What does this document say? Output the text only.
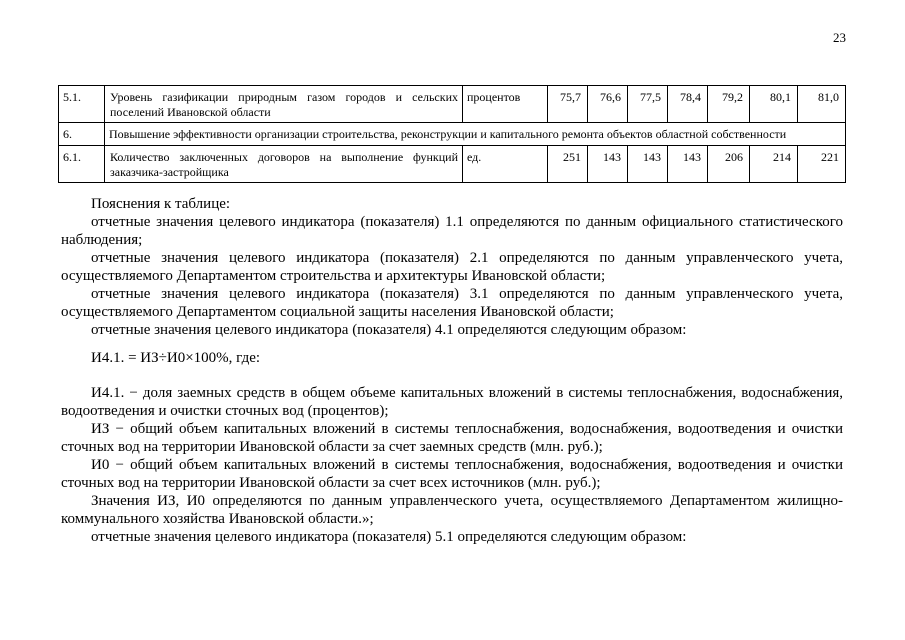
23
5.1.	Уровень газификации природным газом городов и сельских поселений Ивановской области	процентов	75,7	76,6	77,5	78,4	79,2	80,1	81,0
6.	Повышение эффективности организации строительства, реконструкции и капитального ремонта объектов областной собственности								
6.1.	Количество заключенных договоров на выполнение функций заказчика-застройщика	ед.	251	143	143	143	206	214	221

Пояснения к таблице:

отчетные значения целевого индикатора (показателя) 1.1 определяются по данным официального статистического наблюдения;

отчетные значения целевого индикатора (показателя) 2.1 определяются по данным управленческого учета, осуществляемого Департаментом строительства и архитектуры Ивановской области;

отчетные значения целевого индикатора (показателя) 3.1 определяются по данным управленческого учета, осуществляемого Департаментом социальной защиты населения Ивановской области;

отчетные значения целевого индикатора (показателя) 4.1 определяются следующим образом:

И4.1. = ИЗ÷И0×100%, где:

И4.1. − доля заемных средств в общем объеме капитальных вложений в системы теплоснабжения, водоснабжения, водоотведения и очистки сточных вод (процентов);

ИЗ − общий объем капитальных вложений в системы теплоснабжения, водоснабжения, водоотведения и очистки сточных вод на территории Ивановской области за счет заемных средств (млн. руб.);

И0 − общий объем капитальных вложений в системы теплоснабжения, водоснабжения, водоотведения и очистки сточных вод на территории Ивановской области за счет всех источников (млн. руб.);

Значения ИЗ, И0 определяются по данным управленческого учета, осуществляемого Департаментом жилищно-коммунального хозяйства Ивановской области.»;

отчетные значения целевого индикатора (показателя) 5.1 определяются следующим образом:
